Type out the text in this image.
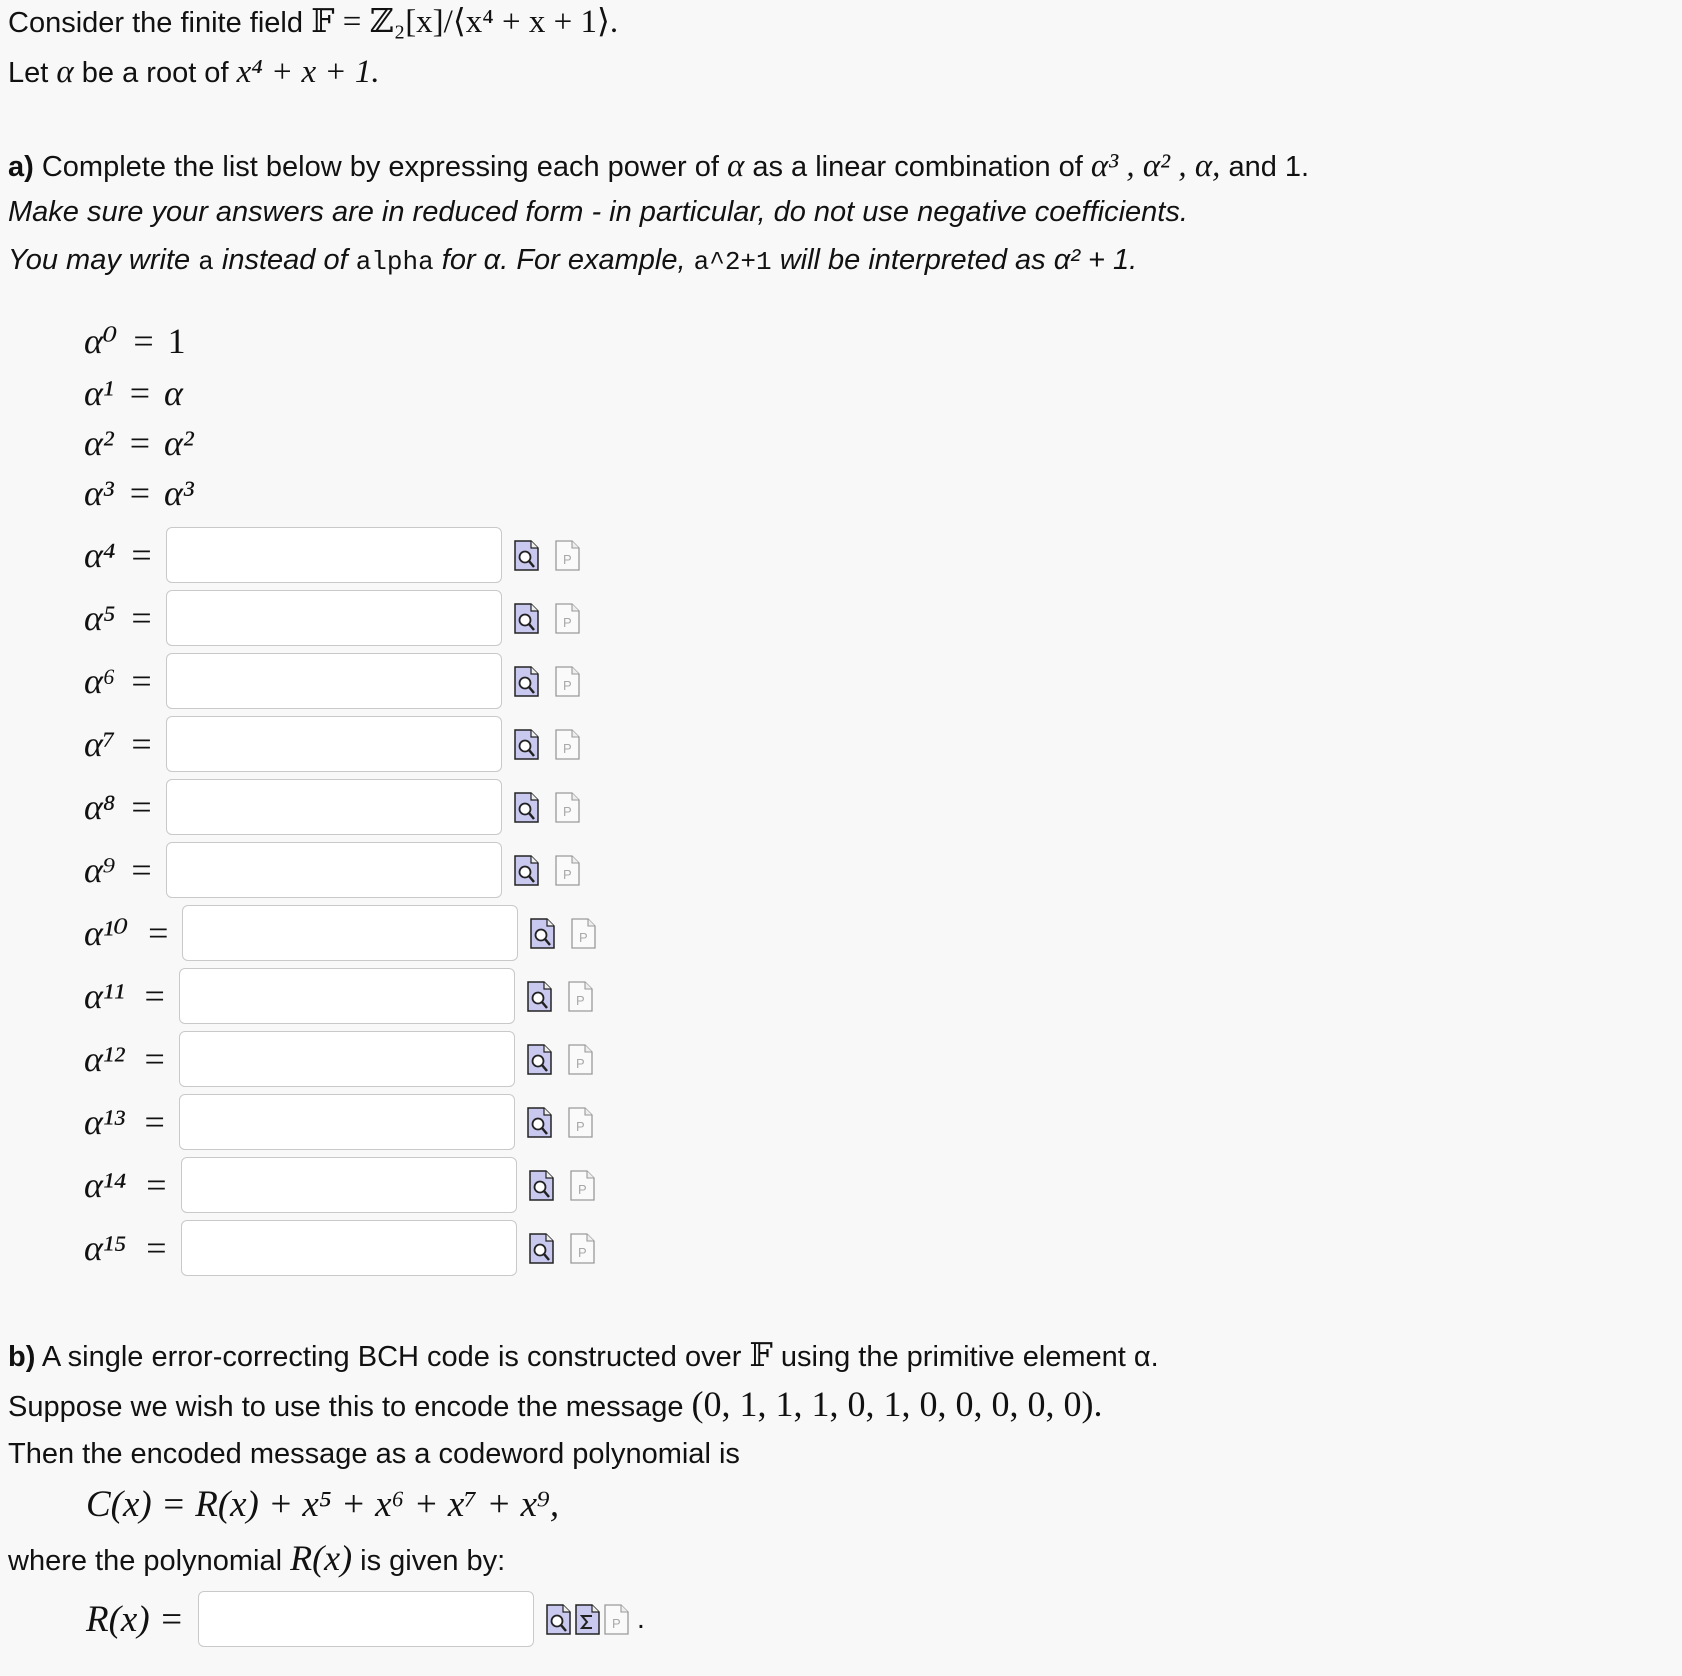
Consider the finite field 𝔽 = ℤ₂[x]/⟨x⁴ + x + 1⟩.
Let α be a root of x⁴ + x + 1.
a) Complete the list below by expressing each power of α as a linear combination of α³ , α² , α, and 1.
Make sure your answers are in reduced form - in particular, do not use negative coefficients.
You may write a instead of alpha for α. For example, a^2+1 will be interpreted as α² + 1.
α⁰ = 1
α¹ = α
α² = α²
α³ = α³
α⁴ =	P
α⁵ =	P
α⁶ =	P
α⁷ =	P
α⁸ =	P
α⁹ =	P
α¹⁰ =	P
α¹¹ =	P
α¹² =	P
α¹³ =	P
α¹⁴ =	P
α¹⁵ =	P
b) A single error-correcting BCH code is constructed over 𝔽 using the primitive element α.
Suppose we wish to use this to encode the message (0, 1, 1, 1, 0, 1, 0, 0, 0, 0, 0).
Then the encoded message as a codeword polynomial is
C(x) = R(x) + x⁵ + x⁶ + x⁷ + x⁹,
where the polynomial R(x) is given by:
R(x) =	P .
